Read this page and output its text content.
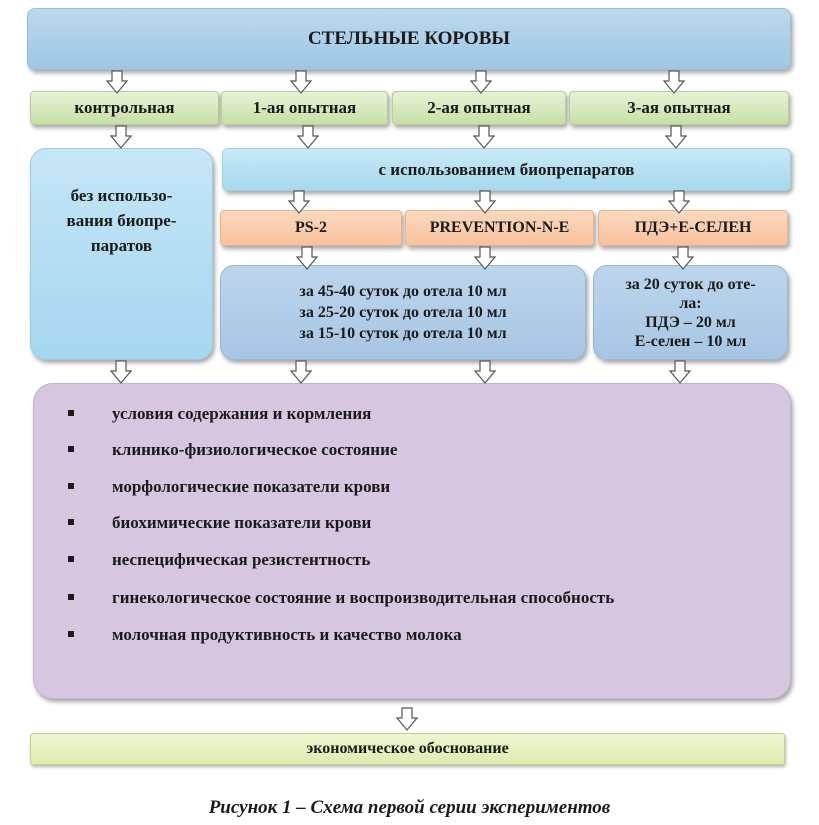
СТЕЛЬНЫЕ КОРОВЫ
контрольная	1-ая опытная	2-ая опытная	3-ая опытная
без использо-
вания биопре-
паратов
с использованием биопрепаратов
PS-2	PREVENTION-N-E	ПДЭ+Е-СЕЛЕН
за 45-40 суток до отела 10 мл
за 25-20 суток до отела 10 мл
за 15-10 суток до отела 10 мл
за 20 суток до оте-
ла:
ПДЭ – 20 мл
Е-селен – 10 мл
условия содержания и кормления
клинико-физиологическое состояние
морфологические показатели крови
биохимические показатели крови
неспецифическая резистентность
гинекологическое состояние и воспроизводительная способность
молочная продуктивность и качество молока
экономическое обоснование
Рисунок 1 – Схема первой серии экспериментов
